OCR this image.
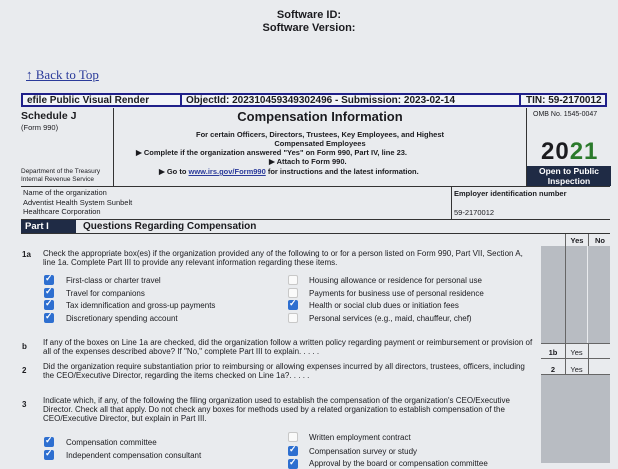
Software ID:
Software Version:
↑ Back to Top
efile Public Visual Render	ObjectId: 202310459349302496 - Submission: 2023-02-14	TIN: 59-2170012
Schedule J
(Form 990)
Department of the Treasury
Internal Revenue Service
Compensation Information
For certain Officers, Directors, Trustees, Key Employees, and Highest
Compensated Employees
▶ Complete if the organization answered "Yes" on Form 990, Part IV, line 23.
▶ Attach to Form 990.
▶ Go to www.irs.gov/Form990 for instructions and the latest information.
OMB No. 1545-0047
2021
Open to Public Inspection
Name of the organization
Adventist Health System Sunbelt
Healthcare Corporation
Employer identification number
59-2170012
Part I	Questions Regarding Compensation
Yes	No
1a Check the appropriate box(es) if the organization provided any of the following to or for a person listed on Form 990, Part VII, Section A, line 1a. Complete Part III to provide any relevant information regarding these items.
✓
First-class or charter travel
✓
Travel for companions
✓
Tax idemnification and gross-up payments
✓
Discretionary spending account
Housing allowance or residence for personal use
Payments for business use of personal residence
✓
Health or social club dues or initiation fees
Personal services (e.g., maid, chauffeur, chef)
b If any of the boxes on Line 1a are checked, did the organization follow a written policy regarding payment or reimbursement or provision of all of the expenses described above? If "No," complete Part III to explain. . . . .	1b	Yes
2 Did the organization require substantiation prior to reimbursing or allowing expenses incurred by all directors, trustees, officers, including the CEO/Executive Director, regarding the items checked on Line 1a?. . . . .
2	Yes
3 Indicate which, if any, of the following the filing organization used to establish the compensation of the organization's CEO/Executive Director. Check all that apply. Do not check any boxes for methods used by a related organization to establish compensation of the CEO/Executive Director, but explain in Part III.
✓
Compensation committee
✓
Independent compensation consultant
Written employment contract
✓
Compensation survey or study
✓
Approval by the board or compensation committee
